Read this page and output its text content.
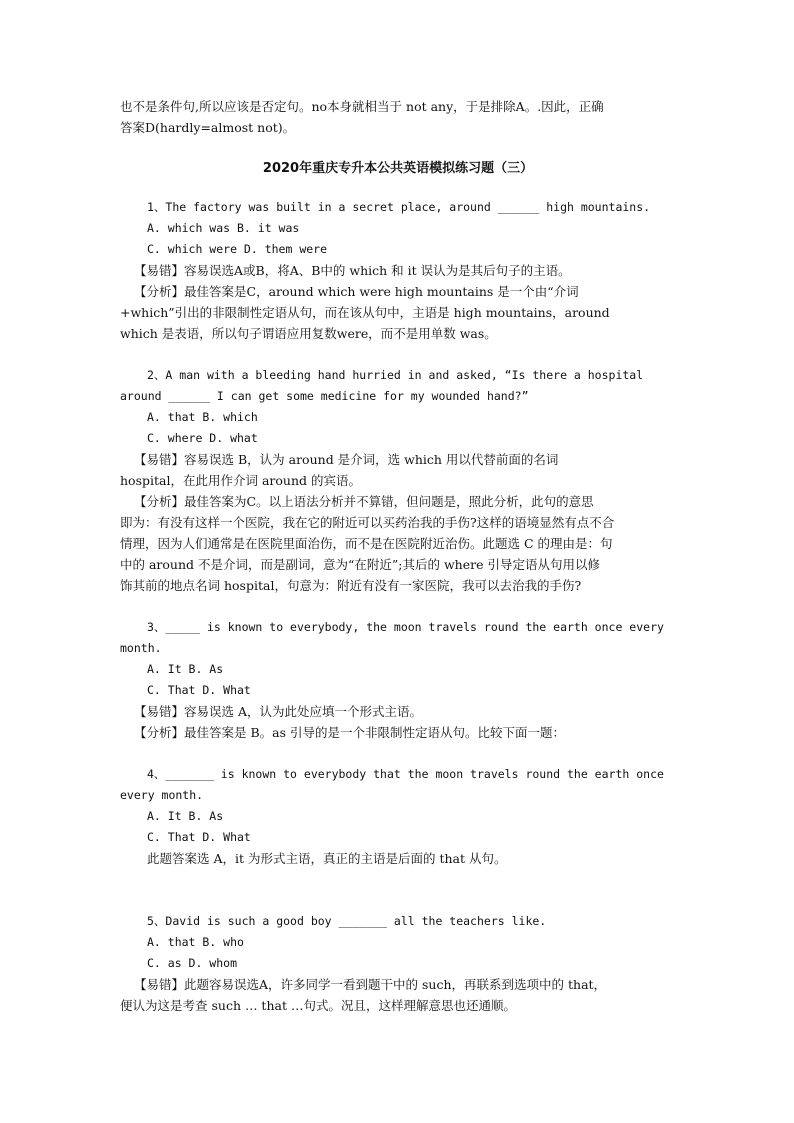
也不是条件句,所以应该是否定句。no本身就相当于 not any，于是排除A。.因此，正确

答案D(hardly=almost not)。

2020年重庆专升本公共英语模拟练习题（三）

1、The factory was built in a secret place, around ______ high mountains.

A. which was B. it was

C. which were D. them were

【易错】容易误选A或B，将A、B中的 which 和 it 误认为是其后句子的主语。

【分析】最佳答案是C，around which were high mountains 是一个由“介词

+which”引出的非限制性定语从句，而在该从句中，主语是 high mountains，around

which 是表语，所以句子谓语应用复数were，而不是用单数 was。

2、A man with a bleeding hand hurried in and asked, “Is there a hospital

around ______ I can get some medicine for my wounded hand?”

A. that B. which

C. where D. what

【易错】容易误选 B，认为 around 是介词，选 which 用以代替前面的名词

hospital，在此用作介词 around 的宾语。

【分析】最佳答案为C。以上语法分析并不算错，但问题是，照此分析，此句的意思

即为：有没有这样一个医院，我在它的附近可以买药治我的手伤?这样的语境显然有点不合

情理，因为人们通常是在医院里面治伤，而不是在医院附近治伤。此题选 C 的理由是：句

中的 around 不是介词，而是副词，意为“在附近”;其后的 where 引导定语从句用以修

饰其前的地点名词 hospital，句意为：附近有没有一家医院，我可以去治我的手伤?

3、_____ is known to everybody, the moon travels round the earth once every

month.

A. It B. As

C. That D. What

【易错】容易误选 A，认为此处应填一个形式主语。

【分析】最佳答案是 B。as 引导的是一个非限制性定语从句。比较下面一题：

4、_______ is known to everybody that the moon travels round the earth once

every month.

A. It B. As

C. That D. What

此题答案选 A，it 为形式主语，真正的主语是后面的 that 从句。

5、David is such a good boy _______ all the teachers like.

A. that B. who

C. as D. whom

【易错】此题容易误选A，许多同学一看到题干中的 such，再联系到选项中的 that，

便认为这是考查 such … that …句式。况且，这样理解意思也还通顺。
